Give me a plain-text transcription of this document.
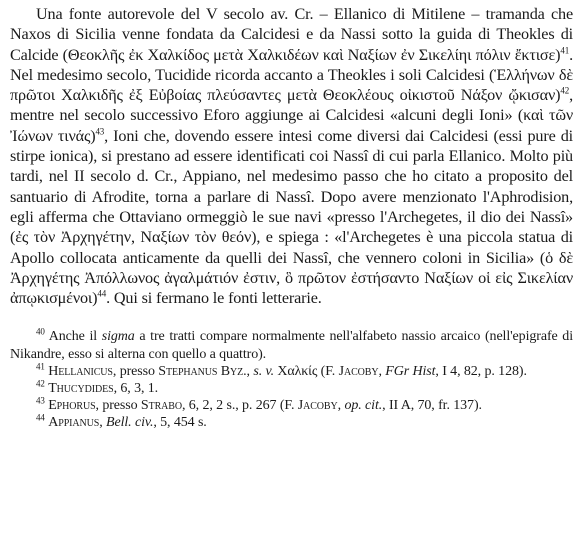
Una fonte autorevole del V secolo av. Cr. – Ellanico di Mitilene – tramanda che Naxos di Sicilia venne fondata da Calcidesi e da Nassi sotto la guida di Theokles di Calcide (Θεοκλῆς ἐκ Χαλκίδος μετὰ Χαλκιδέων καὶ Ναξίων ἐν Σικελίηι πόλιν ἔκτισε)$^{41}$. Nel medesimo secolo, Tucidide ricorda accanto a Theokles i soli Calcidesi (Ἑλλήνων δὲ πρῶτοι Χαλκιδῆς ἐξ Εὐβοίας πλεύσαντες μετὰ Θεοκλέους οἰκιστοῦ Νάξον ᾤκισαν)$^{42}$, mentre nel secolo successivo Eforo aggiunge ai Calcidesi «alcuni degli Ioni» (καὶ τῶν Ἰώνων τινάς)$^{43}$, Ioni che, dovendo essere intesi come diversi dai Calcidesi (essi pure di stirpe ionica), si prestano ad essere identificati coi Nassî di cui parla Ellanico. Molto più tardi, nel II secolo d. Cr., Appiano, nel medesimo passo che ho citato a proposito del santuario di Afrodite, torna a parlare di Nassî. Dopo avere menzionato l'Aphrodision, egli afferma che Ottaviano ormeggiò le sue navi «presso l'Archegetes, il dio dei Nassî» (ἐς τὸν Ἀρχηγέτην, Ναξίων τὸν θεόν), e spiega : «l'Archegetes è una piccola statua di Apollo collocata anticamente da quelli dei Nassî, che vennero coloni in Sicilia» (ὁ δὲ Ἀρχηγέτης Ἀπόλλωνος ἀγαλμάτιόν ἐστιν, ὃ πρῶτον ἐστήσαντο Ναξίων οἱ εἰς Σικελίαν ἀπῳκισμένοι)$^{44}$. Qui si fermano le fonti letterarie.

$^{40}$ Anche il sigma a tre tratti compare normalmente nell'alfabeto nassio arcaico (nell'epigrafe di Nikandre, esso si alterna con quello a quattro).

$^{41}$ Hellanicus, presso Stephanus Byz., s. v. Χαλκίς (F. Jacoby, FGr Hist, I 4, 82, p. 128).

$^{42}$ Thucydides, 6, 3, 1.

$^{43}$ Ephorus, presso Strabo, 6, 2, 2 s., p. 267 (F. Jacoby, op. cit., II A, 70, fr. 137).

$^{44}$ Appianus, Bell. civ., 5, 454 s.
